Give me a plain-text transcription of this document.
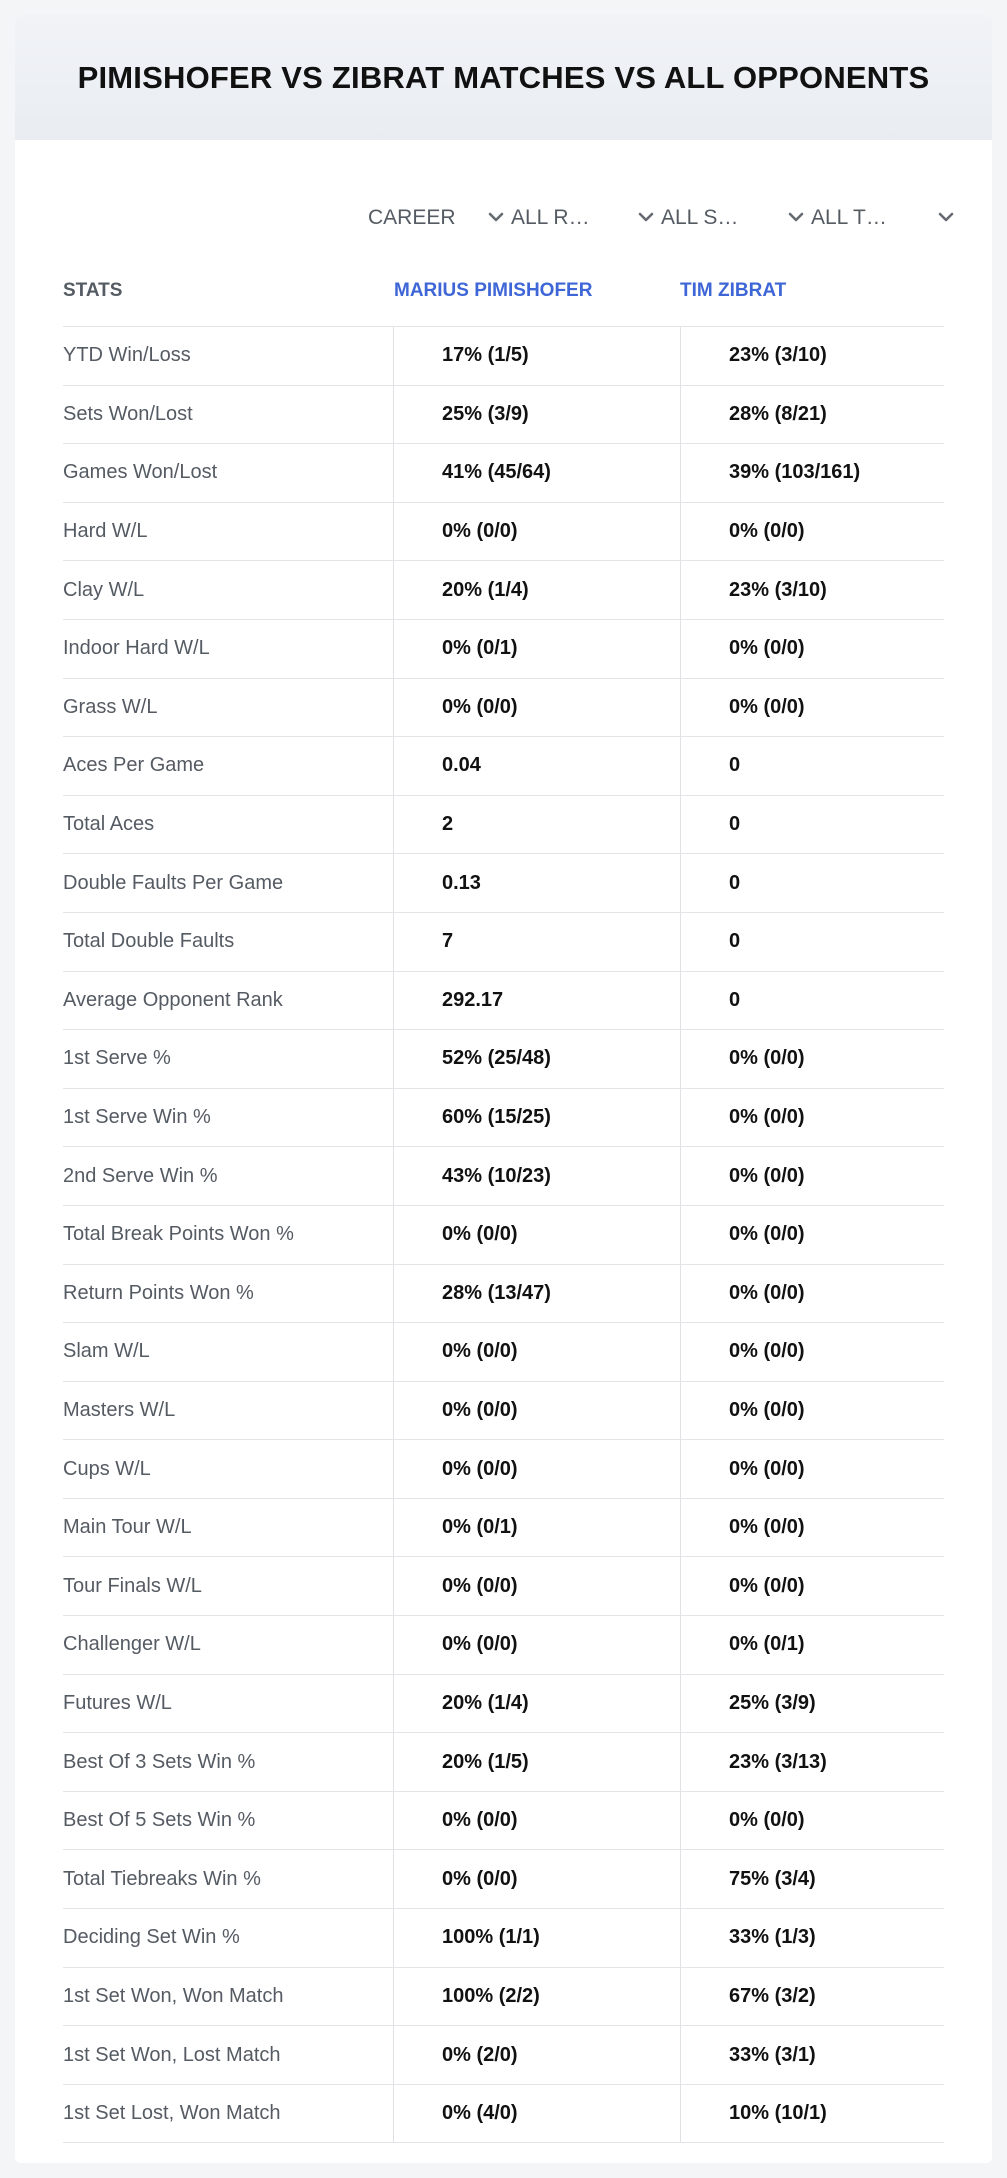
PIMISHOFER VS ZIBRAT MATCHES VS ALL OPPONENTS
CAREER	ALL R…	ALL S…	ALL T…
STATS	MARIUS PIMISHOFER	TIM ZIBRAT
YTD Win/Loss	17% (1/5)	23% (3/10)
Sets Won/Lost	25% (3/9)	28% (8/21)
Games Won/Lost	41% (45/64)	39% (103/161)
Hard W/L	0% (0/0)	0% (0/0)
Clay W/L	20% (1/4)	23% (3/10)
Indoor Hard W/L	0% (0/1)	0% (0/0)
Grass W/L	0% (0/0)	0% (0/0)
Aces Per Game	0.04	0
Total Aces	2	0
Double Faults Per Game	0.13	0
Total Double Faults	7	0
Average Opponent Rank	292.17	0
1st Serve %	52% (25/48)	0% (0/0)
1st Serve Win %	60% (15/25)	0% (0/0)
2nd Serve Win %	43% (10/23)	0% (0/0)
Total Break Points Won %	0% (0/0)	0% (0/0)
Return Points Won %	28% (13/47)	0% (0/0)
Slam W/L	0% (0/0)	0% (0/0)
Masters W/L	0% (0/0)	0% (0/0)
Cups W/L	0% (0/0)	0% (0/0)
Main Tour W/L	0% (0/1)	0% (0/0)
Tour Finals W/L	0% (0/0)	0% (0/0)
Challenger W/L	0% (0/0)	0% (0/1)
Futures W/L	20% (1/4)	25% (3/9)
Best Of 3 Sets Win %	20% (1/5)	23% (3/13)
Best Of 5 Sets Win %	0% (0/0)	0% (0/0)
Total Tiebreaks Win %	0% (0/0)	75% (3/4)
Deciding Set Win %	100% (1/1)	33% (1/3)
1st Set Won, Won Match	100% (2/2)	67% (3/2)
1st Set Won, Lost Match	0% (2/0)	33% (3/1)
1st Set Lost, Won Match	0% (4/0)	10% (10/1)
